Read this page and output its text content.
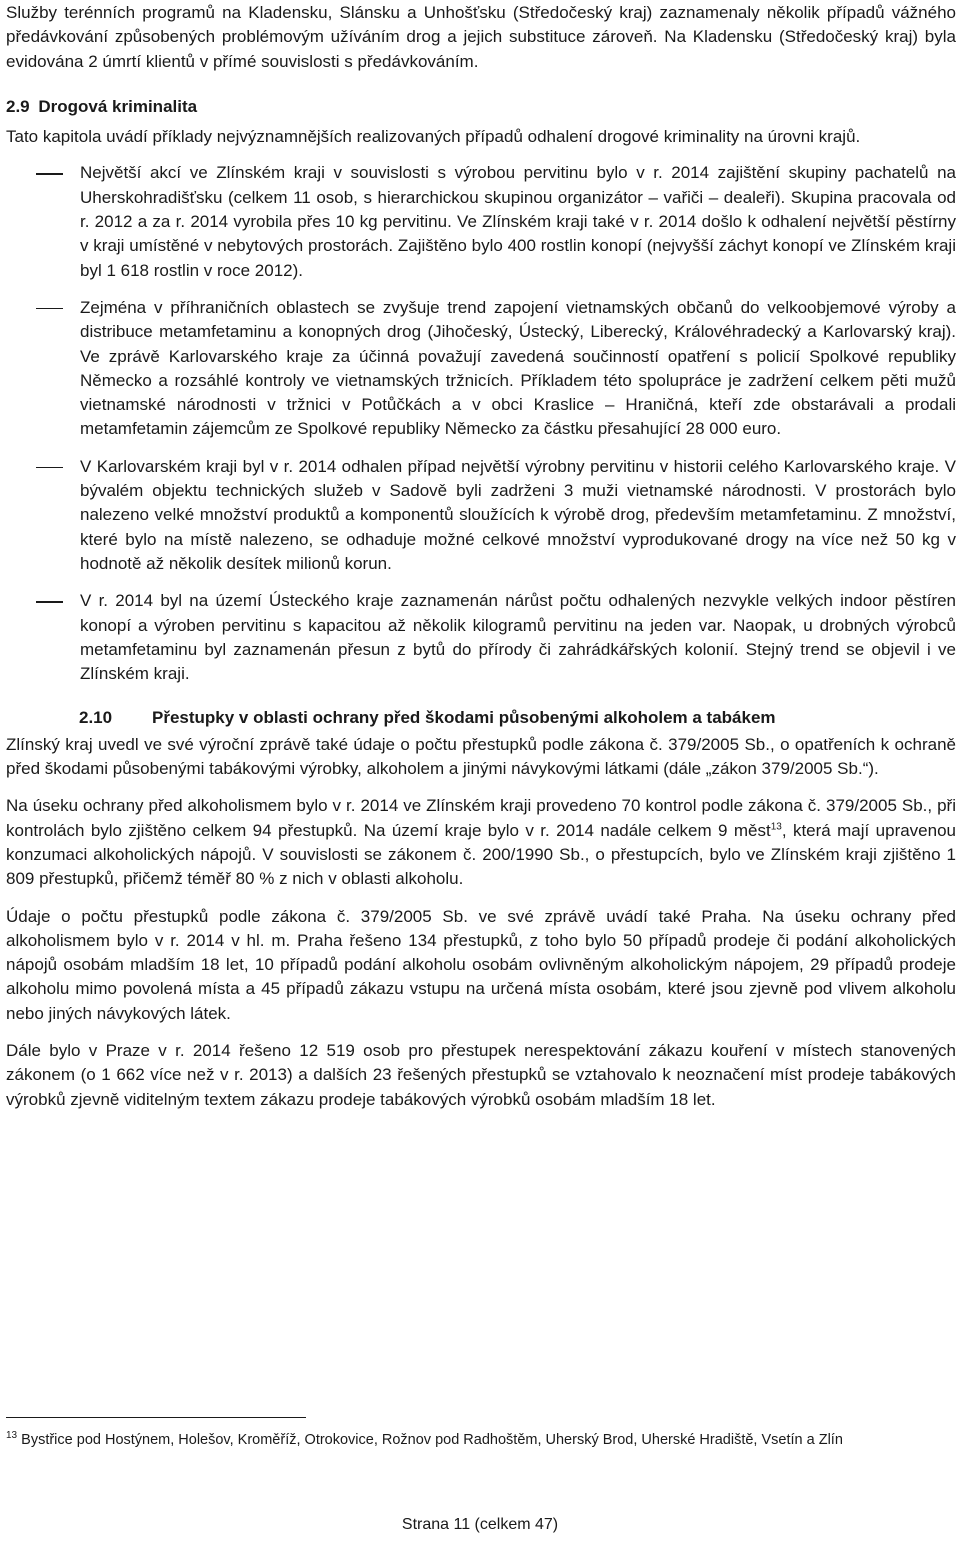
Služby terénních programů na Kladensku, Slánsku a Unhošťsku (Středočeský kraj) zaznamenaly několik případů vážného předávkování způsobených problémovým užíváním drog a jejich substituce zároveň. Na Kladensku (Středočeský kraj) byla evidována 2 úmrtí klientů v přímé souvislosti s předávkováním.

2.9 Drogová kriminalita

Tato kapitola uvádí příklady nejvýznamnějších realizovaných případů odhalení drogové kriminality na úrovni krajů.

Největší akcí ve Zlínském kraji v souvislosti s výrobou pervitinu bylo v r. 2014 zajištění skupiny pachatelů na Uherskohradišťsku (celkem 11 osob, s hierarchickou skupinou organizátor – vařiči – dealeři). Skupina pracovala od r. 2012 a za r. 2014 vyrobila přes 10 kg pervitinu. Ve Zlínském kraji také v r. 2014 došlo k odhalení největší pěstírny v kraji umístěné v nebytových prostorách. Zajištěno bylo 400 rostlin konopí (nejvyšší záchyt konopí ve Zlínském kraji byl 1 618 rostlin v roce 2012).

Zejména v příhraničních oblastech se zvyšuje trend zapojení vietnamských občanů do velkoobjemové výroby a distribuce metamfetaminu a konopných drog (Jihočeský, Ústecký, Liberecký, Královéhradecký a Karlovarský kraj). Ve zprávě Karlovarského kraje za účinná považují zavedená součinností opatření s policií Spolkové republiky Německo a rozsáhlé kontroly ve vietnamských tržnicích. Příkladem této spolupráce je zadržení celkem pěti mužů vietnamské národnosti v tržnici v Potůčkách a v obci Kraslice – Hraničná, kteří zde obstarávali a prodali metamfetamin zájemcům ze Spolkové republiky Německo za částku přesahující 28 000 euro.

V Karlovarském kraji byl v r. 2014 odhalen případ největší výrobny pervitinu v historii celého Karlovarského kraje. V bývalém objektu technických služeb v Sadově byli zadrženi 3 muži vietnamské národnosti. V prostorách bylo nalezeno velké množství produktů a komponentů sloužících k výrobě drog, především metamfetaminu. Z množství, které bylo na místě nalezeno, se odhaduje možné celkové množství vyprodukované drogy na více než 50 kg v hodnotě až několik desítek milionů korun.

V r. 2014 byl na území Ústeckého kraje zaznamenán nárůst počtu odhalených nezvykle velkých indoor pěstíren konopí a výroben pervitinu s kapacitou až několik kilogramů pervitinu na jeden var. Naopak, u drobných výrobců metamfetaminu byl zaznamenán přesun z bytů do přírody či zahrádkářských kolonií. Stejný trend se objevil i ve Zlínském kraji.

2.10 Přestupky v oblasti ochrany před škodami působenými alkoholem a tabákem

Zlínský kraj uvedl ve své výroční zprávě také údaje o počtu přestupků podle zákona č. 379/2005 Sb., o opatřeních k ochraně před škodami působenými tabákovými výrobky, alkoholem a jinými návykovými látkami (dále „zákon 379/2005 Sb.“).

Na úseku ochrany před alkoholismem bylo v r. 2014 ve Zlínském kraji provedeno 70 kontrol podle zákona č. 379/2005 Sb., při kontrolách bylo zjištěno celkem 94 přestupků. Na území kraje bylo v r. 2014 nadále celkem 9 měst$^{13}$, která mají upravenou konzumaci alkoholických nápojů. V souvislosti se zákonem č. 200/1990 Sb., o přestupcích, bylo ve Zlínském kraji zjištěno 1 809 přestupků, přičemž téměř 80 % z nich v oblasti alkoholu.

Údaje o počtu přestupků podle zákona č. 379/2005 Sb. ve své zprávě uvádí také Praha. Na úseku ochrany před alkoholismem bylo v r. 2014 v hl. m. Praha řešeno 134 přestupků, z toho bylo 50 případů prodeje či podání alkoholických nápojů osobám mladším 18 let, 10 případů podání alkoholu osobám ovlivněným alkoholickým nápojem, 29 případů prodeje alkoholu mimo povolená místa a 45 případů zákazu vstupu na určená místa osobám, které jsou zjevně pod vlivem alkoholu nebo jiných návykových látek.

Dále bylo v Praze v r. 2014 řešeno 12 519 osob pro přestupek nerespektování zákazu kouření v místech stanovených zákonem (o 1 662 více než v r. 2013) a dalších 23 řešených přestupků se vztahovalo k neoznačení míst prodeje tabákových výrobků zjevně viditelným textem zákazu prodeje tabákových výrobků osobám mladším 18 let.

$^{13}$ Bystřice pod Hostýnem, Holešov, Kroměříž, Otrokovice, Rožnov pod Radhoštěm, Uherský Brod, Uherské Hradiště, Vsetín a Zlín
Strana 11 (celkem 47)
